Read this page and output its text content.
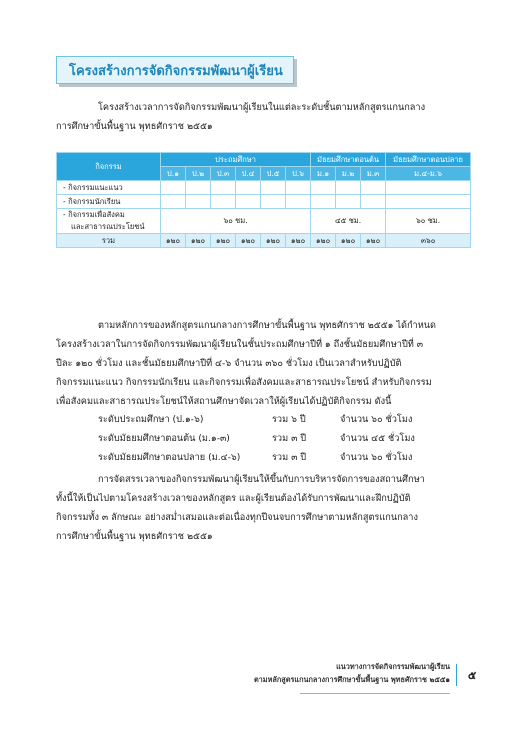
โครงสร้างการจัดกิจกรรมพัฒนาผู้เรียน
โครงสร้างเวลาการจัดกิจกรรมพัฒนาผู้เรียนในแต่ละระดับชั้นตามหลักสูตรแกนกลาง
การศึกษาขั้นพื้นฐาน พุทธศักราช ๒๕๕๑
กิจกรรม	ประถมศึกษา						มัธยมศึกษาตอนต้น			มัธยมศึกษาตอนปลาย
	ป.๑	ป.๒	ป.๓	ป.๔	ป.๕	ป.๖	ม.๑	ม.๒	ม.๓	ม.๔-ม.๖
- กิจกรรมแนะแนว										
- กิจกรรมนักเรียน										

- กิจกรรมเพื่อสังคม
และสาธารณประโยชน์	๖๐ ชม.						๔๕ ชม.			๖๐ ชม.
รวม	๑๒๐	๑๒๐	๑๒๐	๑๒๐	๑๒๐	๑๒๐	๑๒๐	๑๒๐	๑๒๐	๓๖๐
ตามหลักการของหลักสูตรแกนกลางการศึกษาขั้นพื้นฐาน พุทธศักราช ๒๕๕๑ ได้กำหนด
โครงสร้างเวลาในการจัดกิจกรรมพัฒนาผู้เรียนในชั้นประถมศึกษาปีที่ ๑ ถึงชั้นมัธยมศึกษาปีที่ ๓
ปีละ ๑๒๐ ชั่วโมง และชั้นมัธยมศึกษาปีที่ ๔-๖ จำนวน ๓๖๐ ชั่วโมง เป็นเวลาสำหรับปฏิบัติ
กิจกรรมแนะแนว กิจกรรมนักเรียน และกิจกรรมเพื่อสังคมและสาธารณประโยชน์ สำหรับกิจกรรม
เพื่อสังคมและสาธารณประโยชน์ให้สถานศึกษาจัดเวลาให้ผู้เรียนได้ปฏิบัติกิจกรรม ดังนี้
ระดับประถมศึกษา (ป.๑-๖)	รวม ๖ ปี	จำนวน ๖๐ ชั่วโมง
ระดับมัธยมศึกษาตอนต้น (ม.๑-๓)	รวม ๓ ปี	จำนวน ๔๕ ชั่วโมง
ระดับมัธยมศึกษาตอนปลาย (ม.๔-๖)	รวม ๓ ปี	จำนวน ๖๐ ชั่วโมง
การจัดสรรเวลาของกิจกรรมพัฒนาผู้เรียนให้ขึ้นกับการบริหารจัดการของสถานศึกษา
ทั้งนี้ให้เป็นไปตามโครงสร้างเวลาของหลักสูตร และผู้เรียนต้องได้รับการพัฒนาและฝึกปฏิบัติ
กิจกรรมทั้ง ๓ ลักษณะ อย่างสม่ำเสมอและต่อเนื่องทุกปีจนจบการศึกษาตามหลักสูตรแกนกลาง
การศึกษาขั้นพื้นฐาน พุทธศักราช ๒๕๕๑
แนวทางการจัดกิจกรรมพัฒนาผู้เรียน
ตามหลักสูตรแกนกลางการศึกษาขั้นพื้นฐาน พุทธศักราช ๒๕๕๑	๕
